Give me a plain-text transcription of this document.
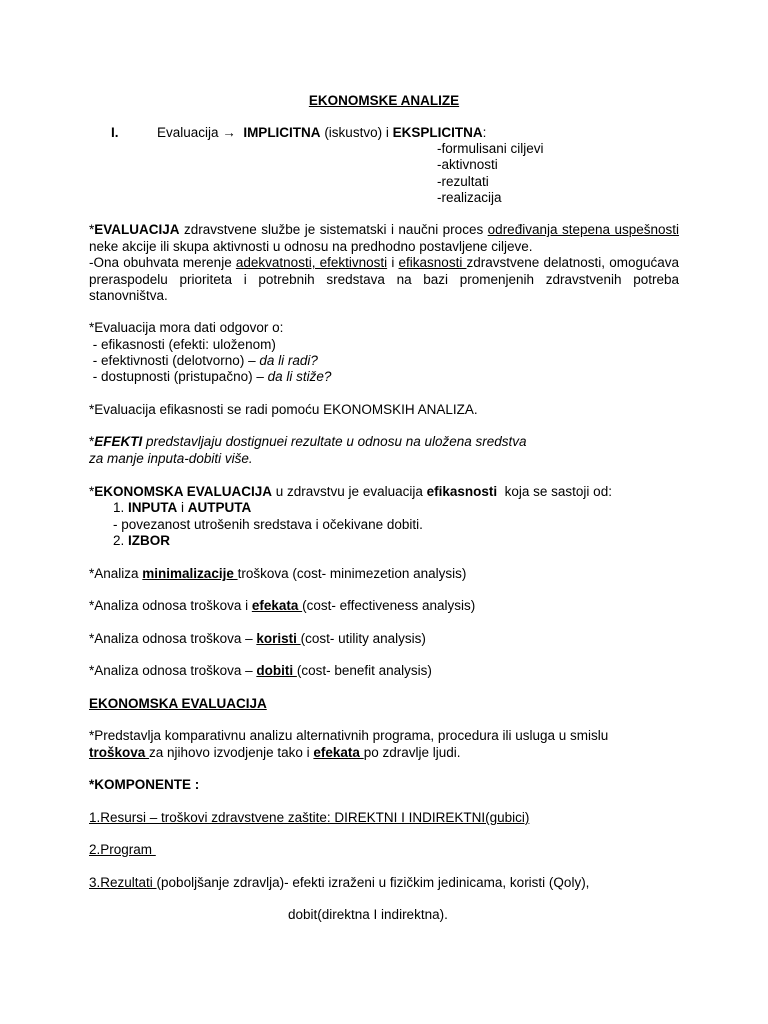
EKONOMSKE ANALIZE
I.	Evaluacija → IMPLICITNA (iskustvo) i EKSPLICITNA:
-formulisani ciljevi
-aktivnosti
-rezultati
-realizacija
*EVALUACIJA zdravstvene službe je sistematski i naučni proces određivanja stepena uspešnosti neke akcije ili skupa aktivnosti u odnosu na predhodno postavljene ciljeve.
-Ona obuhvata merenje adekvatnosti, efektivnosti i efikasnosti zdravstvene delatnosti, omogućava preraspodelu prioriteta i potrebnih sredstava na bazi promenjenih zdravstvenih potreba stanovništva.
*Evaluacija mora dati odgovor o:
- efikasnosti (efekti: uloženom)
- efektivnosti (delotvorno) – da li radi?
- dostupnosti (pristupačno) – da li stiže?
*Evaluacija efikasnosti se radi pomoću EKONOMSKIH ANALIZA.
*EFEKTI predstavljaju dostignuei rezultate u odnosu na uložena sredstva
za manje inputa-dobiti više.
*EKONOMSKA EVALUACIJA u zdravstvu je evaluacija efikasnosti  koja se sastoji od:
1. INPUTA i AUTPUTA
- povezanost utrošenih sredstava i očekivane dobiti.
2. IZBOR
*Analiza minimalizacije troškova (cost- minimezetion analysis)
*Analiza odnosa troškova i efekata (cost- effectiveness analysis)
*Analiza odnosa troškova – koristi (cost- utility analysis)
*Analiza odnosa troškova – dobiti (cost- benefit analysis)
EKONOMSKA EVALUACIJA
*Predstavlja komparativnu analizu alternativnih programa, procedura ili usluga u smislu
troškova za njihovo izvodjenje tako i efekata po zdravlje ljudi.
*KOMPONENTE :
1.Resursi – troškovi zdravstvene zaštite: DIREKTNI I INDIREKTNI(gubici)
2.Program
3.Rezultati (poboljšanje zdravlja)- efekti izraženi u fizičkim jedinicama, koristi (Qoly),
dobit(direktna I indirektna).
